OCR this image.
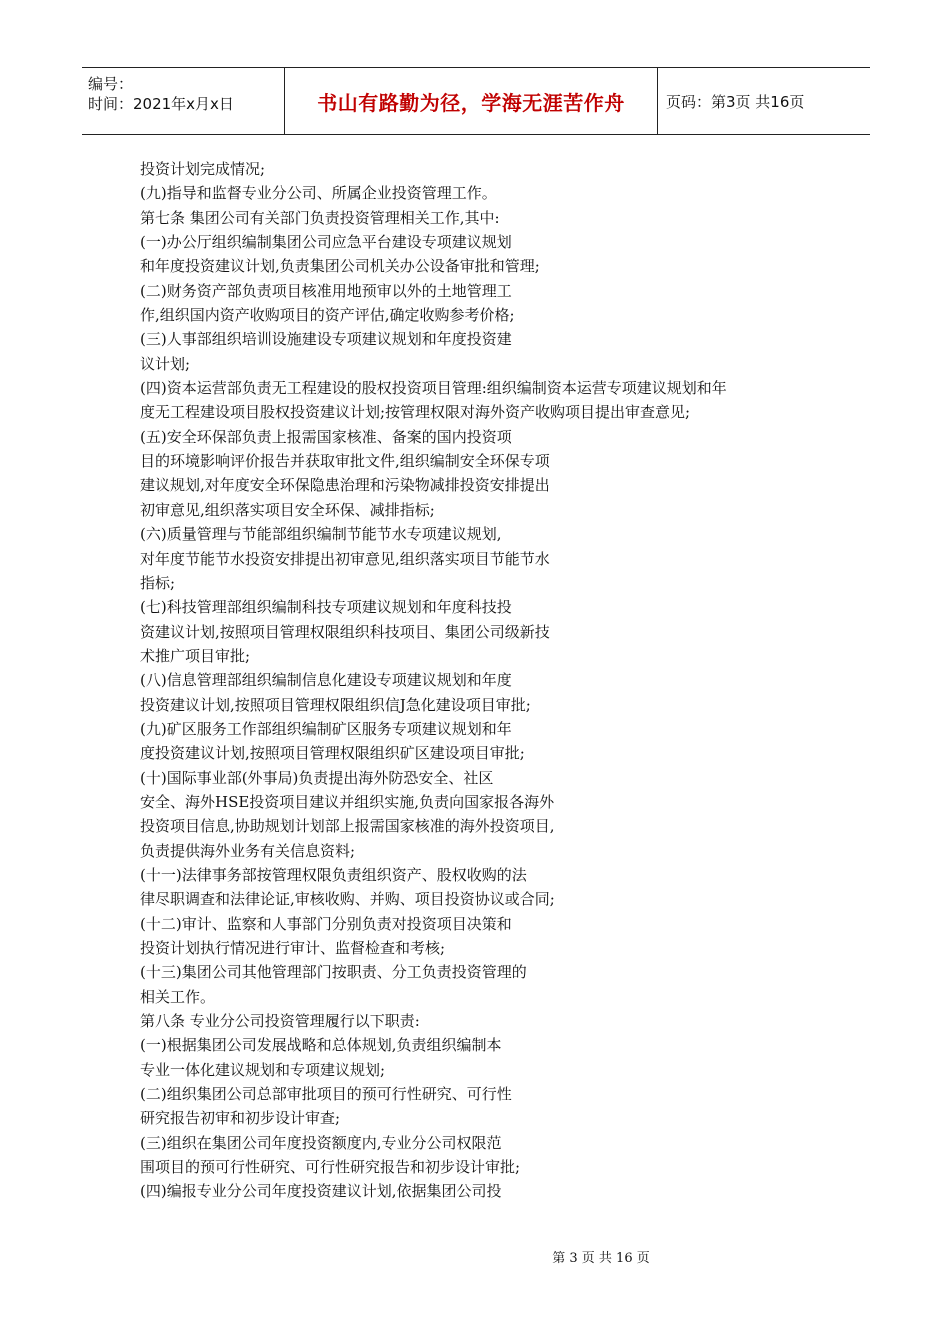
编号：
时间：2021年x月x日	书山有路勤为径，学海无涯苦作舟	页码：第3页 共16页
投资计划完成情况;
(九)指导和监督专业分公司、所属企业投资管理工作。
第七条 集团公司有关部门负责投资管理相关工作,其中:
(一)办公厅组织编制集团公司应急平台建设专项建议规划
和年度投资建议计划,负责集团公司机关办公设备审批和管理;
(二)财务资产部负责项目核准用地预审以外的土地管理工
作,组织国内资产收购项目的资产评估,确定收购参考价格;
(三)人事部组织培训设施建设专项建议规划和年度投资建
议计划;
(四)资本运营部负责无工程建设的股权投资项目管理:组织编制资本运营专项建议规划和年
度无工程建设项目股权投资建议计划;按管理权限对海外资产收购项目提出审查意见;
(五)安全环保部负责上报需国家核准、备案的国内投资项
目的环境影响评价报告并获取审批文件,组织编制安全环保专项
建议规划,对年度安全环保隐患治理和污染物减排投资安排提出
初审意见,组织落实项目安全环保、减排指标;
(六)质量管理与节能部组织编制节能节水专项建议规划,
对年度节能节水投资安排提出初审意见,组织落实项目节能节水
指标;
(七)科技管理部组织编制科技专项建议规划和年度科技投
资建议计划,按照项目管理权限组织科技项目、集团公司级新技
术推广项目审批;
(八)信息管理部组织编制信息化建设专项建议规划和年度
投资建议计划,按照项目管理权限组织信J急化建设项目审批;
(九)矿区服务工作部组织编制矿区服务专项建议规划和年
度投资建议计划,按照项目管理权限组织矿区建设项目审批;
(十)国际事业部(外事局)负责提出海外防恐安全、社区
安全、海外HSE投资项目建议并组织实施,负责向国家报各海外
投资项目信息,协助规划计划部上报需国家核准的海外投资项目,
负责提供海外业务有关信息资料;
(十一)法律事务部按管理权限负责组织资产、股权收购的法
律尽职调查和法律论证,审核收购、并购、项目投资协议或合同;
(十二)审计、监察和人事部门分别负责对投资项目决策和
投资计划执行情况进行审计、监督检查和考核;
(十三)集团公司其他管理部门按职责、分工负责投资管理的
相关工作。
第八条 专业分公司投资管理履行以下职责:
(一)根据集团公司发展战略和总体规划,负责组织编制本
专业一体化建议规划和专项建议规划;
(二)组织集团公司总部审批项目的预可行性研究、可行性
研究报告初审和初步设计审查;
(三)组织在集团公司年度投资额度内,专业分公司权限范
围项目的预可行性研究、可行性研究报告和初步设计审批;
(四)编报专业分公司年度投资建议计划,依据集团公司投
第 3 页 共 16 页
